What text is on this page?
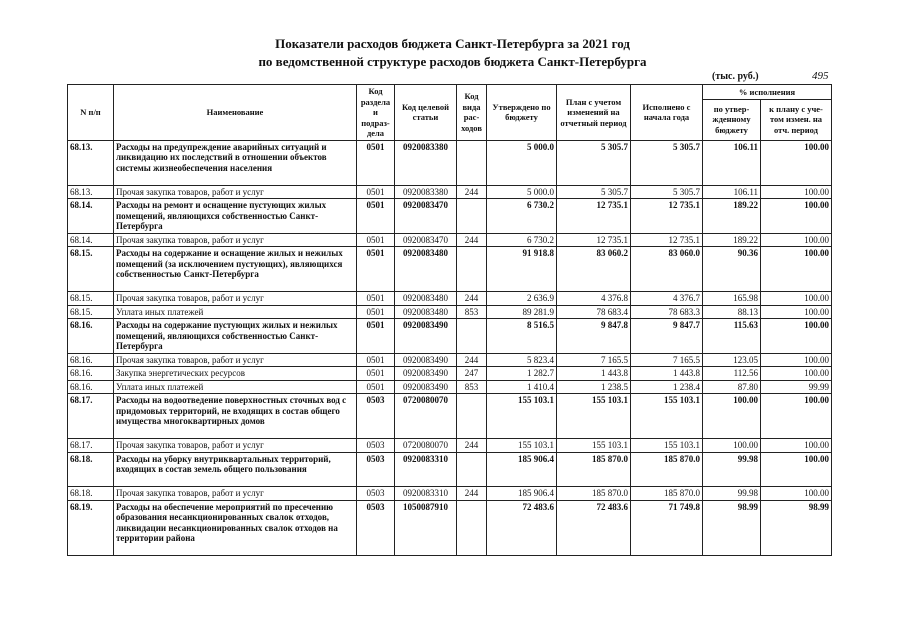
Показатели расходов бюджета Санкт-Петербурга за 2021 год
по ведомственной структуре расходов бюджета Санкт-Петербурга
(тыс. руб.)	495
N п/п	Наименование	Код раздела и подраз-дела	Код целевой статьи	Код вида рас-ходов	Утверждено по бюджету	План с учетом изменений на отчетный период	Исполнено с начала года	% исполнения	
								по утвер-жденному бюджету	к плану с уче-том измен. на отч. период
68.13.	Расходы на предупреждение аварийных ситуаций и ликвидацию их последствий в отношении объектов системы жизнеобеспечения населения	0501	0920083380		5 000.0	5 305.7	5 305.7	106.11	100.00
68.13.	Прочая закупка товаров, работ и услуг	0501	0920083380	244	5 000.0	5 305.7	5 305.7	106.11	100.00
68.14.	Расходы на ремонт и оснащение пустующих жилых помещений, являющихся собственностью Санкт-Петербурга	0501	0920083470		6 730.2	12 735.1	12 735.1	189.22	100.00
68.14.	Прочая закупка товаров, работ и услуг	0501	0920083470	244	6 730.2	12 735.1	12 735.1	189.22	100.00
68.15.	Расходы на содержание и оснащение жилых и нежилых помещений (за исключением пустующих), являющихся собственностью Санкт-Петербурга	0501	0920083480		91 918.8	83 060.2	83 060.0	90.36	100.00
68.15.	Прочая закупка товаров, работ и услуг	0501	0920083480	244	2 636.9	4 376.8	4 376.7	165.98	100.00
68.15.	Уплата иных платежей	0501	0920083480	853	89 281.9	78 683.4	78 683.3	88.13	100.00
68.16.	Расходы на содержание пустующих жилых и нежилых помещений, являющихся собственностью Санкт-Петербурга	0501	0920083490		8 516.5	9 847.8	9 847.7	115.63	100.00
68.16.	Прочая закупка товаров, работ и услуг	0501	0920083490	244	5 823.4	7 165.5	7 165.5	123.05	100.00
68.16.	Закупка энергетических ресурсов	0501	0920083490	247	1 282.7	1 443.8	1 443.8	112.56	100.00
68.16.	Уплата иных платежей	0501	0920083490	853	1 410.4	1 238.5	1 238.4	87.80	99.99
68.17.	Расходы на водоотведение поверхностных сточных вод с придомовых территорий, не входящих в состав общего имущества многоквартирных домов	0503	0720080070		155 103.1	155 103.1	155 103.1	100.00	100.00
68.17.	Прочая закупка товаров, работ и услуг	0503	0720080070	244	155 103.1	155 103.1	155 103.1	100.00	100.00
68.18.	Расходы на уборку внутриквартальных территорий, входящих в состав земель общего пользования	0503	0920083310		185 906.4	185 870.0	185 870.0	99.98	100.00
68.18.	Прочая закупка товаров, работ и услуг	0503	0920083310	244	185 906.4	185 870.0	185 870.0	99.98	100.00
68.19.	Расходы на обеспечение мероприятий по пресечению образования несанкционированных свалок отходов, ликвидации несанкционированных свалок отходов на территории района	0503	1050087910		72 483.6	72 483.6	71 749.8	98.99	98.99
